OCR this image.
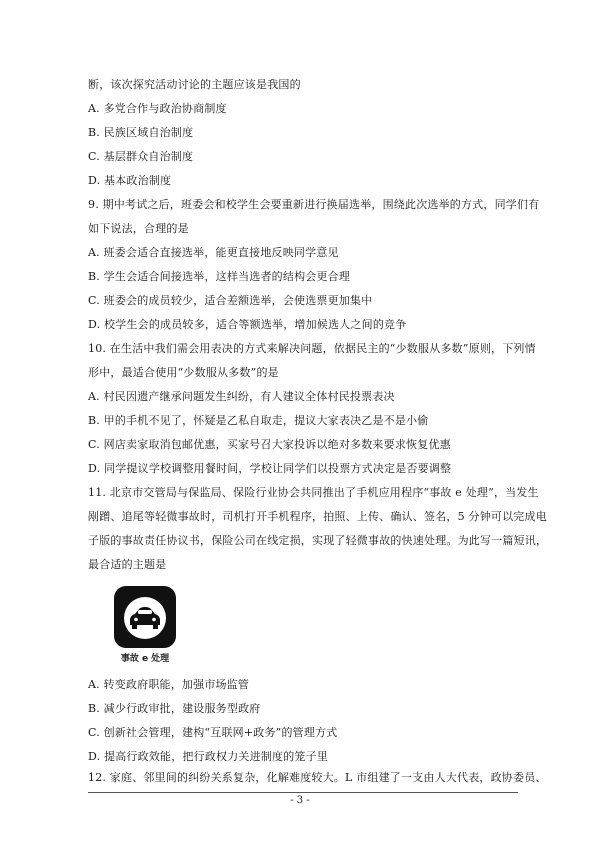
断，该次探究活动讨论的主题应该是我国的
A. 多党合作与政治协商制度
B. 民族区域自治制度
C. 基层群众自治制度
D. 基本政治制度
9. 期中考试之后，班委会和校学生会要重新进行换届选举，围绕此次选举的方式，同学们有
如下说法，合理的是
A. 班委会适合直接选举，能更直接地反映同学意见
B. 学生会适合间接选举，这样当选者的结构会更合理
C. 班委会的成员较少，适合差额选举，会使选票更加集中
D. 校学生会的成员较多，适合等额选举，增加候选人之间的竞争
10. 在生活中我们需会用表决的方式来解决问题，依据民主的“少数服从多数”原则，下列情
形中，最适合使用“少数服从多数”的是
A. 村民因遗产继承问题发生纠纷，有人建议全体村民投票表决
B. 甲的手机不见了，怀疑是乙私自取走，提议大家表决乙是不是小偷
C. 网店卖家取消包邮优惠，买家号召大家投诉以绝对多数来要求恢复优惠
D. 同学提议学校调整用餐时间，学校让同学们以投票方式决定是否要调整
11. 北京市交管局与保监局、保险行业协会共同推出了手机应用程序“事故 e 处理”，当发生
剐蹭、追尾等轻微事故时，司机打开手机程序，拍照、上传、确认、签名，5 分钟可以完成电
子版的事故责任协议书，保险公司在线定损，实现了轻微事故的快速处理。为此写一篇短讯，
最合适的主题是
事故 e 处理
A. 转变政府职能，加强市场监管
B. 减少行政审批，建设服务型政府
C. 创新社会管理，建构“互联网+政务”的管理方式
D. 提高行政效能，把行政权力关进制度的笼子里
12. 家庭、邻里间的纠纷关系复杂，化解难度较大。L 市组建了一支由人大代表，政协委员、
- 3 -
